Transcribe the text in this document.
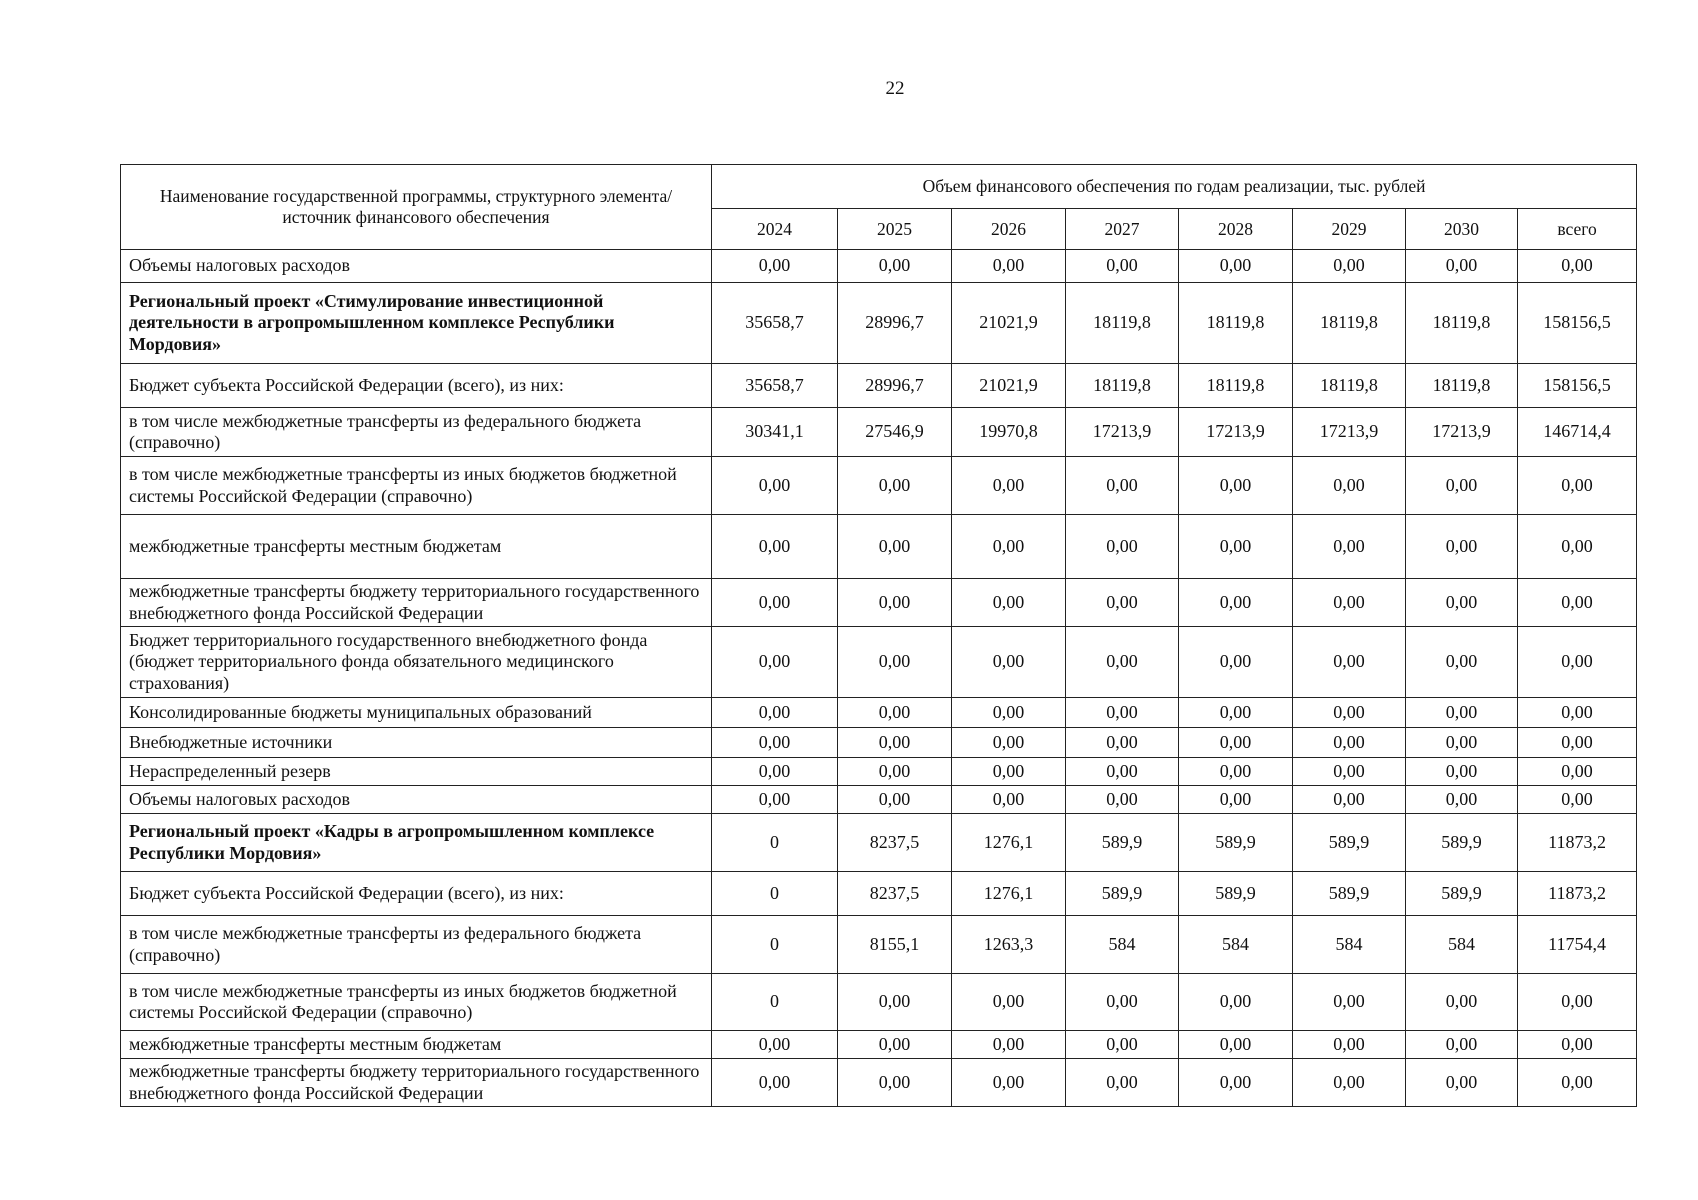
22
Наименование государственной программы, структурного элемента/источник финансового обеспечения	Объем финансового обеспечения по годам реализации, тыс. рублей							
	2024	2025	2026	2027	2028	2029	2030	всего
Объемы налоговых расходов	0,00	0,00	0,00	0,00	0,00	0,00	0,00	0,00
Региональный проект «Стимулирование инвестиционной деятельности в агропромышленном комплексе Республики Мордовия»	35658,7	28996,7	21021,9	18119,8	18119,8	18119,8	18119,8	158156,5
Бюджет субъекта Российской Федерации (всего), из них:	35658,7	28996,7	21021,9	18119,8	18119,8	18119,8	18119,8	158156,5
в том числе межбюджетные трансферты из федерального бюджета (справочно)	30341,1	27546,9	19970,8	17213,9	17213,9	17213,9	17213,9	146714,4
в том числе межбюджетные трансферты из иных бюджетов бюджетной системы Российской Федерации (справочно)	0,00	0,00	0,00	0,00	0,00	0,00	0,00	0,00
межбюджетные трансферты местным бюджетам	0,00	0,00	0,00	0,00	0,00	0,00	0,00	0,00
межбюджетные трансферты бюджету территориального государственного внебюджетного фонда Российской Федерации	0,00	0,00	0,00	0,00	0,00	0,00	0,00	0,00
Бюджет территориального государственного внебюджетного фонда (бюджет территориального фонда обязательного медицинского страхования)	0,00	0,00	0,00	0,00	0,00	0,00	0,00	0,00
Консолидированные бюджеты муниципальных образований	0,00	0,00	0,00	0,00	0,00	0,00	0,00	0,00
Внебюджетные источники	0,00	0,00	0,00	0,00	0,00	0,00	0,00	0,00
Нераспределенный резерв	0,00	0,00	0,00	0,00	0,00	0,00	0,00	0,00
Объемы налоговых расходов	0,00	0,00	0,00	0,00	0,00	0,00	0,00	0,00
Региональный проект «Кадры в агропромышленном комплексе Республики Мордовия»	0	8237,5	1276,1	589,9	589,9	589,9	589,9	11873,2
Бюджет субъекта Российской Федерации (всего), из них:	0	8237,5	1276,1	589,9	589,9	589,9	589,9	11873,2
в том числе межбюджетные трансферты из федерального бюджета (справочно)	0	8155,1	1263,3	584	584	584	584	11754,4
в том числе межбюджетные трансферты из иных бюджетов бюджетной системы Российской Федерации (справочно)	0	0,00	0,00	0,00	0,00	0,00	0,00	0,00
межбюджетные трансферты местным бюджетам	0,00	0,00	0,00	0,00	0,00	0,00	0,00	0,00
межбюджетные трансферты бюджету территориального государственного внебюджетного фонда Российской Федерации	0,00	0,00	0,00	0,00	0,00	0,00	0,00	0,00
